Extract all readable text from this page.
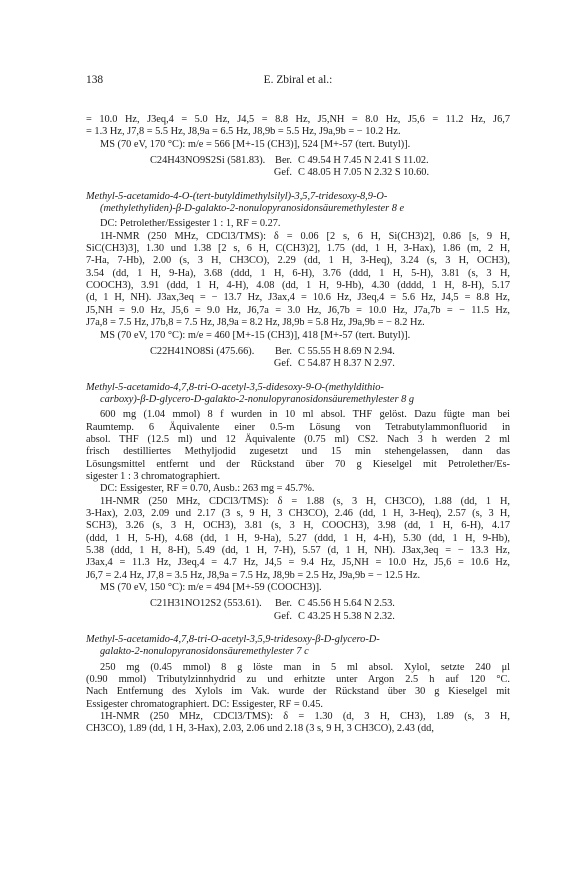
138	E. Zbiral et al.:

= 10.0 Hz, J3eq,4 = 5.0 Hz, J4,5 = 8.8 Hz, J5,NH = 8.0 Hz, J5,6 = 11.2 Hz, J6,7

= 1.3 Hz, J7,8 = 5.5 Hz, J8,9a = 6.5 Hz, J8,9b = 5.5 Hz, J9a,9b = − 10.2 Hz.

MS (70 eV, 170 °C): m/e = 566 [M+-15 (CH3)], 524 [M+-57 (tert. Butyl)].

C24H43NO9S2Si (581.83). Ber. C 49.54 H 7.45 N 2.41 S 11.02.
Gef. C 48.05 H 7.05 N 2.32 S 10.60.

Methyl-5-acetamido-4-O-(tert-butyldimethylsilyl)-3,5,7-tridesoxy-8,9-O-
(methylethyliden)-β-D-galakto-2-nonulopyranosidonsäuremethylester 8 e

DC: Petrolether/Essigester 1 : 1, RF = 0.27.

1H-NMR (250 MHz, CDCl3/TMS): δ = 0.06 [2 s, 6 H, Si(CH3)2], 0.86 [s, 9 H,

SiC(CH3)3], 1.30 und 1.38 [2 s, 6 H, C(CH3)2], 1.75 (dd, 1 H, 3-Hax), 1.86 (m, 2 H,

7-Ha, 7-Hb), 2.00 (s, 3 H, CH3CO), 2.29 (dd, 1 H, 3-Heq), 3.24 (s, 3 H, OCH3),

3.54 (dd, 1 H, 9-Ha), 3.68 (ddd, 1 H, 6-H), 3.76 (ddd, 1 H, 5-H), 3.81 (s, 3 H,

COOCH3), 3.91 (ddd, 1 H, 4-H), 4.08 (dd, 1 H, 9-Hb), 4.30 (dddd, 1 H, 8-H), 5.17

(d, 1 H, NH). J3ax,3eq = − 13.7 Hz, J3ax,4 = 10.6 Hz, J3eq,4 = 5.6 Hz, J4,5 = 8.8 Hz,

J5,NH = 9.0 Hz, J5,6 = 9.0 Hz, J6,7a = 3.0 Hz, J6,7b = 10.0 Hz, J7a,7b = − 11.5 Hz,

J7a,8 = 7.5 Hz, J7b,8 = 7.5 Hz, J8,9a = 8.2 Hz, J8,9b = 5.8 Hz, J9a,9b = − 8.2 Hz.

MS (70 eV, 170 °C): m/e = 460 [M+-15 (CH3)], 418 [M+-57 (tert. Butyl)].

C22H41NO8Si (475.66).	Ber. C 55.55 H 8.69 N 2.94.
Gef. C 54.87 H 8.37 N 2.97.

Methyl-5-acetamido-4,7,8-tri-O-acetyl-3,5-didesoxy-9-O-(methyldithio-
carboxy)-β-D-glycero-D-galakto-2-nonulopyranosidonsäuremethylester 8 g

600 mg (1.04 mmol) 8 f wurden in 10 ml absol. THF gelöst. Dazu fügte man bei

Raumtemp. 6 Äquivalente einer 0.5-m Lösung von Tetrabutylammonfluorid in

absol. THF (12.5 ml) und 12 Äquivalente (0.75 ml) CS2. Nach 3 h werden 2 ml

frisch destilliertes Methyljodid zugesetzt und 15 min stehengelassen, dann das

Lösungsmittel entfernt und der Rückstand über 70 g Kieselgel mit Petrolether/Es-

sigester 1 : 3 chromatographiert.

DC: Essigester, RF = 0.70, Ausb.: 263 mg = 45.7%.

1H-NMR (250 MHz, CDCl3/TMS): δ = 1.88 (s, 3 H, CH3CO), 1.88 (dd, 1 H,

3-Hax), 2.03, 2.09 und 2.17 (3 s, 9 H, 3 CH3CO), 2.46 (dd, 1 H, 3-Heq), 2.57 (s, 3 H,

SCH3), 3.26 (s, 3 H, OCH3), 3.81 (s, 3 H, COOCH3), 3.98 (dd, 1 H, 6-H), 4.17

(ddd, 1 H, 5-H), 4.68 (dd, 1 H, 9-Ha), 5.27 (ddd, 1 H, 4-H), 5.30 (dd, 1 H, 9-Hb),

5.38 (ddd, 1 H, 8-H), 5.49 (dd, 1 H, 7-H), 5.57 (d, 1 H, NH). J3ax,3eq = − 13.3 Hz,

J3ax,4 = 11.3 Hz, J3eq,4 = 4.7 Hz, J4,5 = 9.4 Hz, J5,NH = 10.0 Hz, J5,6 = 10.6 Hz,

J6,7 = 2.4 Hz, J7,8 = 3.5 Hz, J8,9a = 7.5 Hz, J8,9b = 2.5 Hz, J9a,9b = − 12.5 Hz.

MS (70 eV, 150 °C): m/e = 494 [M+-59 (COOCH3)].

C21H31NO12S2 (553.61).	Ber. C 45.56 H 5.64 N 2.53.
Gef. C 43.25 H 5.38 N 2.32.

Methyl-5-acetamido-4,7,8-tri-O-acetyl-3,5,9-tridesoxy-β-D-glycero-D-
galakto-2-nonulopyranosidonsäuremethylester 7 c

250 mg (0.45 mmol) 8 g löste man in 5 ml absol. Xylol, setzte 240 μl

(0.90 mmol) Tributylzinnhydrid zu und erhitzte unter Argon 2.5 h auf 120 °C.

Nach Entfernung des Xylols im Vak. wurde der Rückstand über 30 g Kieselgel mit

Essigester chromatographiert. DC: Essigester, RF = 0.45.

1H-NMR (250 MHz, CDCl3/TMS): δ = 1.30 (d, 3 H, CH3), 1.89 (s, 3 H,

CH3CO), 1.89 (dd, 1 H, 3-Hax), 2.03, 2.06 und 2.18 (3 s, 9 H, 3 CH3CO), 2.43 (dd,
